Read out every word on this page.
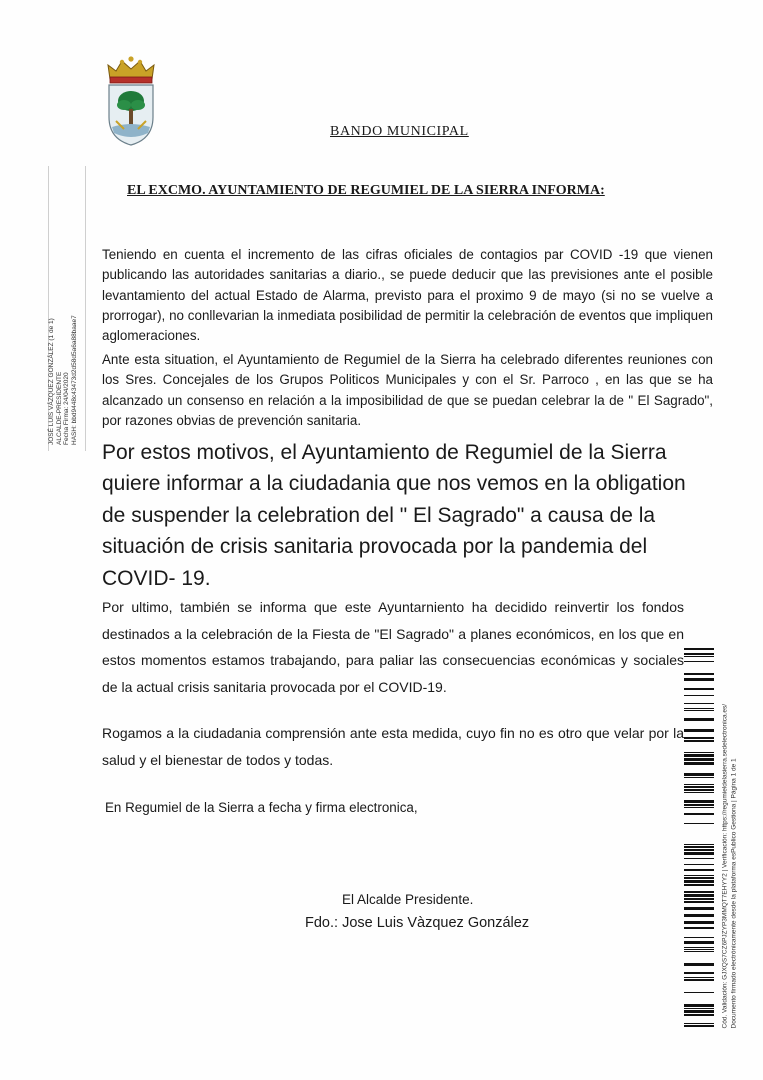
BANDO MUNICIPAL
EL EXCMO. AYUNTAMIENTO DE REGUMIEL DE LA SIERRA INFORMA:
Teniendo en cuenta el incremento de las cifras oficiales de contagios par COVID -19 que vienen publicando las autoridades sanitarias a diario., se puede deducir que las previsiones ante el posible levantamiento del actual Estado de Alarma, previsto para el proximo 9 de mayo (si no se vuelve a prorrogar), no conllevarian la inmediata posibilidad de permitir la celebración de eventos que impliquen aglomeraciones.
Ante esta situation, el Ayuntamiento de Regumiel de la Sierra ha celebrado diferentes reuniones con los Sres. Concejales de los Grupos Politicos Municipales y con el Sr. Parroco , en las que se ha alcanzado un consenso en relación a la imposibilidad de que se puedan celebrar la de " El Sagrado", por razones obvias de prevención sanitaria.
Por estos motivos, el Ayuntamiento de Regumiel de la Sierra quiere informar a la ciudadania que nos vemos en la obligation de suspender la celebration del " El Sagrado" a causa de la situación de crisis sanitaria provocada por la pandemia del COVID- 19.
Por ultimo, también se informa que este Ayuntarniento ha decidido reinvertir los fondos destinados a la celebración de la Fiesta de "El Sagrado" a planes económicos, en los que en estos momentos estamos trabajando, para paliar las consecuencias económicas y sociales de la actual crisis sanitaria provocada por el COVID-19.
Rogamos a la ciudadania comprensión ante esta medida, cuyo fin no es otro que velar por la salud y el bienestar de todos y todas.
En Regumiel de la Sierra a fecha y firma electronica,
El Alcalde Presidente.
Fdo.: Jose Luis Vàzquez González
JOSÉ LUIS VÁZQUEZ GONZÁLEZ (1 de 1) ALCALDE-PRESIDENTE Fecha Firma: 24/04/2020 HASH: bbd9448c43473d2d58d5a6a88baae7
Cód. Validación: GJXQS7CZ6PJZYP3MMQT7EHYY2 | Verificación: https://regumieldelasierra.sedelectronica.es/ Documento firmado electrónicamente desde la plataforma esPublico Gestiona | Página 1 de 1
